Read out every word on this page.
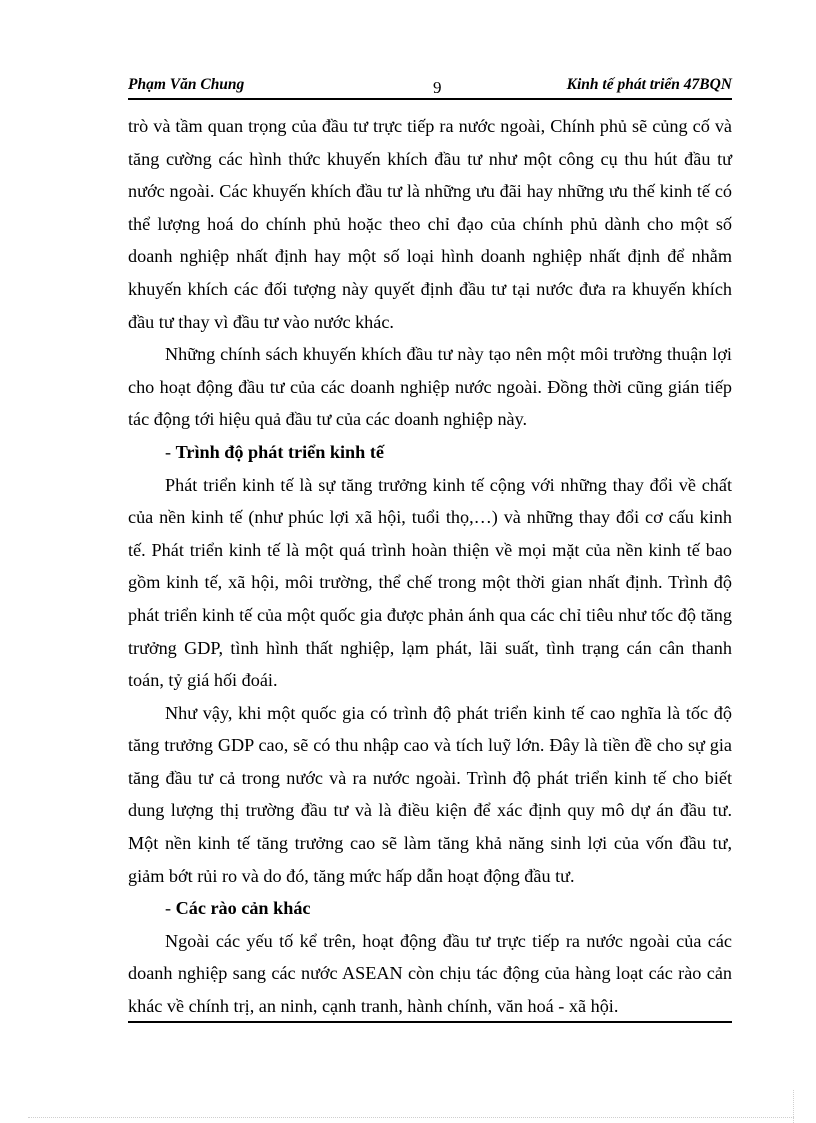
Phạm Văn Chung	9	Kinh tế phát triển 47BQN

trò và tầm quan trọng của đầu tư trực tiếp ra nước ngoài, Chính phủ sẽ củng cố và tăng cường các hình thức khuyến khích đầu tư như một công cụ thu hút đầu tư nước ngoài. Các khuyến khích đầu tư là những ưu đãi hay những ưu thế kinh tế có thể lượng hoá do chính phủ hoặc theo chỉ đạo của chính phủ dành cho một số doanh nghiệp nhất định hay một số loại hình doanh nghiệp nhất định để nhằm khuyến khích các đối tượng này quyết định đầu tư tại nước đưa ra khuyến khích đầu tư thay vì đầu tư vào nước khác.

Những chính sách khuyến khích đầu tư này tạo nên một môi trường thuận lợi cho hoạt động đầu tư của các doanh nghiệp nước ngoài. Đồng thời cũng gián tiếp tác động tới hiệu quả đầu tư của các doanh nghiệp này.

- Trình độ phát triển kinh tế

Phát triển kinh tế là sự tăng trưởng kinh tế cộng với những thay đổi về chất của nền kinh tế (như phúc lợi xã hội, tuổi thọ,…) và những thay đổi cơ cấu kinh tế. Phát triển kinh tế là một quá trình hoàn thiện về mọi mặt của nền kinh tế bao gồm kinh tế, xã hội, môi trường, thể chế trong một thời gian nhất định. Trình độ phát triển kinh tế của một quốc gia được phản ánh qua các chỉ tiêu như tốc độ tăng trưởng GDP, tình hình thất nghiệp, lạm phát, lãi suất, tình trạng cán cân thanh toán, tỷ giá hối đoái.

Như vậy, khi một quốc gia có trình độ phát triển kinh tế cao nghĩa là tốc độ tăng trưởng GDP cao, sẽ có thu nhập cao và tích luỹ lớn. Đây là tiền đề cho sự gia tăng đầu tư cả trong nước và ra nước ngoài. Trình độ phát triển kinh tế cho biết dung lượng thị trường đầu tư và là điều kiện để xác định quy mô dự án đầu tư. Một nền kinh tế tăng trưởng cao sẽ làm tăng khả năng sinh lợi của vốn đầu tư, giảm bớt rủi ro và do đó, tăng mức hấp dẫn hoạt động đầu tư.

- Các rào cản khác

Ngoài các yếu tố kể trên, hoạt động đầu tư trực tiếp ra nước ngoài của các doanh nghiệp sang các nước ASEAN còn chịu tác động của hàng loạt các rào cản khác về chính trị, an ninh, cạnh tranh, hành chính, văn hoá - xã hội.
